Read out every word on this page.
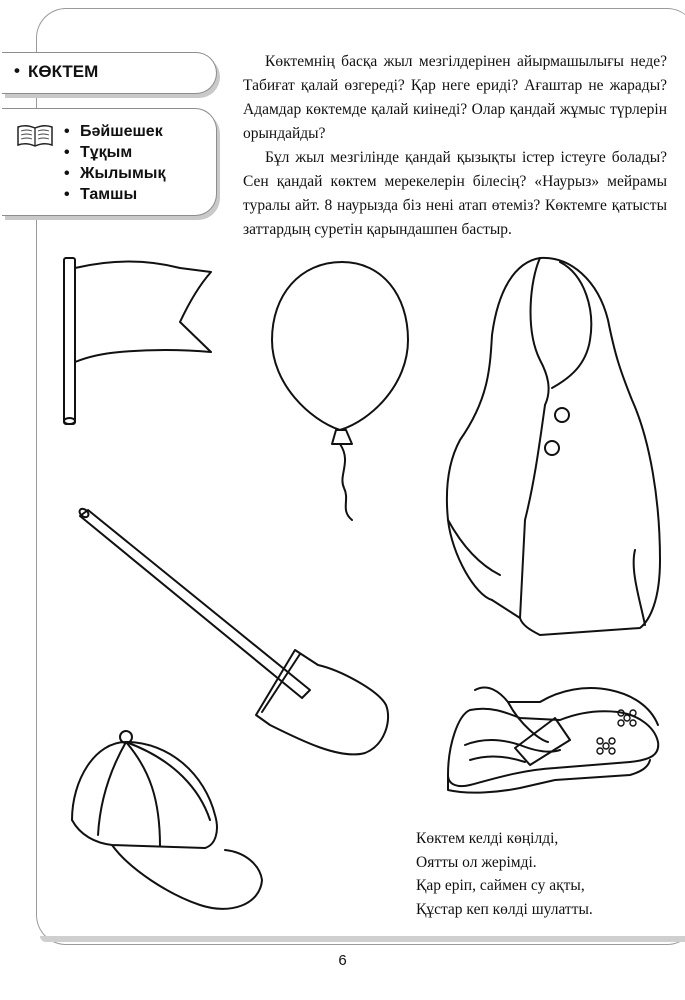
• КӨКТЕМ
• Бәйшешек
• Тұқым
• Жылымық
• Тамшы

Көктемнің басқа жыл мезгілдерінен айырмашылығы неде? Табиғат қалай өзгереді? Қар неге ериді? Ағаштар не жарады? Адамдар көктемде қалай киінеді? Олар қандай жұмыс түрлерін орындайды?

Бұл жыл мезгілінде қандай қызықты істер істеуге болады? Сен қандай көктем мерекелерін білесің? «Наурыз» мейрамы туралы айт. 8 наурызда біз нені атап өтеміз? Көктемге қатысты заттардың суретін қарындашпен бастыр.

Көктем келді көңілді,
Оятты ол жерімді.
Қар еріп, саймен су ақты,
Құстар кеп көлді шулатты.
6
